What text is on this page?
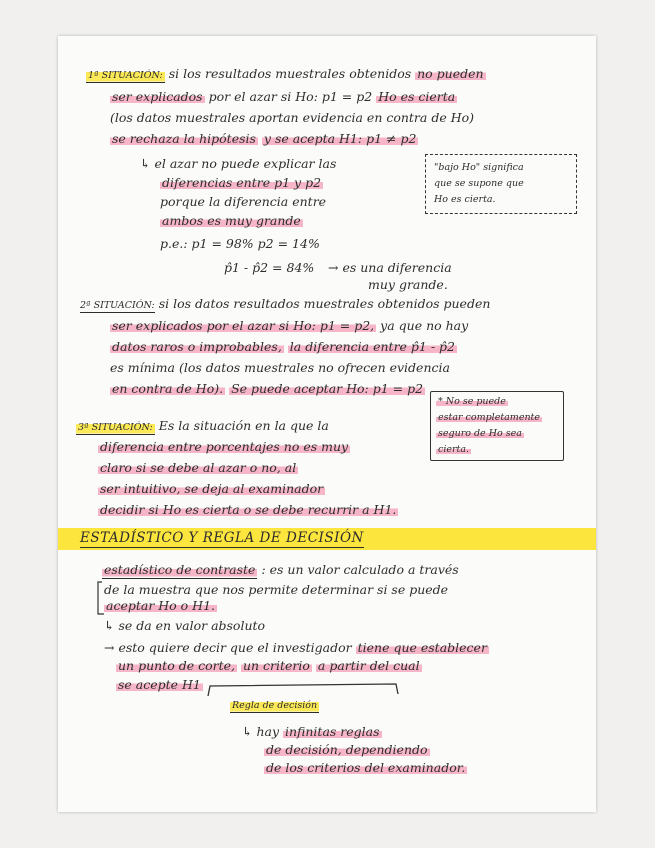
1ª SITUACIÓN: si los resultados muestrales obtenidos no pueden
ser explicados por el azar si Ho: p1 = p2 Ho es cierta
(los datos muestrales aportan evidencia en contra de Ho)
se rechaza la hipótesis y se acepta H1: p1 ≠ p2
↳ el azar no puede explicar las
diferencias entre p1 y p2
porque la diferencia entre
ambos es muy grande
p.e.: p1 = 98% p2 = 14%
p̂1 - p̂2 = 84% → es una diferencia
muy grande.
"bajo Ho" significa
que se supone que
Ho es cierta.
2ª SITUACIÓN: si los datos resultados muestrales obtenidos pueden
ser explicados por el azar si Ho: p1 = p2, ya que no hay
datos raros o improbables, la diferencia entre p̂1 - p̂2
es mínima (los datos muestrales no ofrecen evidencia
en contra de Ho). Se puede aceptar Ho: p1 = p2
* No se puede
estar completamente
seguro de Ho sea
cierta.
3ª SITUACIÓN: Es la situación en la que la
diferencia entre porcentajes no es muy
claro si se debe al azar o no, al
ser intuitivo, se deja al examinador
decidir si Ho es cierta o se debe recurrir a H1.
ESTADÍSTICO Y REGLA DE DECISIÓN
estadístico de contraste : es un valor calculado a través
de la muestra que nos permite determinar si se puede
aceptar Ho o H1.
↳ se da en valor absoluto
→ esto quiere decir que el investigador tiene que establecer
un punto de corte, un criterio a partir del cual
se acepte H1
Regla de decisión
↳ hay infinitas reglas
de decisión, dependiendo
de los criterios del examinador.
